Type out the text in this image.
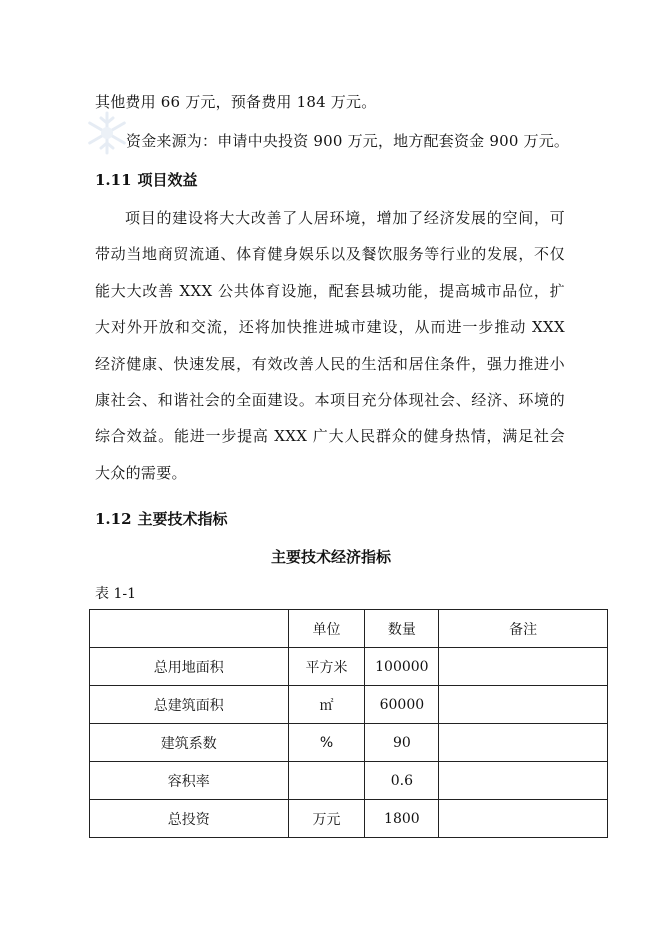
其他费用 66 万元，预备费用 184 万元。
资金来源为：申请中央投资 900 万元，地方配套资金 900 万元。
1.11 项目效益
项目的建设将大大改善了人居环境，增加了经济发展的空间，可带动当地商贸流通、体育健身娱乐以及餐饮服务等行业的发展，不仅能大大改善 XXX 公共体育设施，配套县城功能，提高城市品位，扩大对外开放和交流，还将加快推进城市建设，从而进一步推动 XXX 经济健康、快速发展，有效改善人民的生活和居住条件，强力推进小康社会、和谐社会的全面建设。本项目充分体现社会、经济、环境的综合效益。能进一步提高 XXX 广大人民群众的健身热情，满足社会大众的需要。
1.12 主要技术指标
主要技术经济指标
表 1-1
	单位	数量	备注
总用地面积	平方米	100000	
总建筑面积	㎡	60000	
建筑系数	%	90	
容积率		0.6	
总投资	万元	1800	
